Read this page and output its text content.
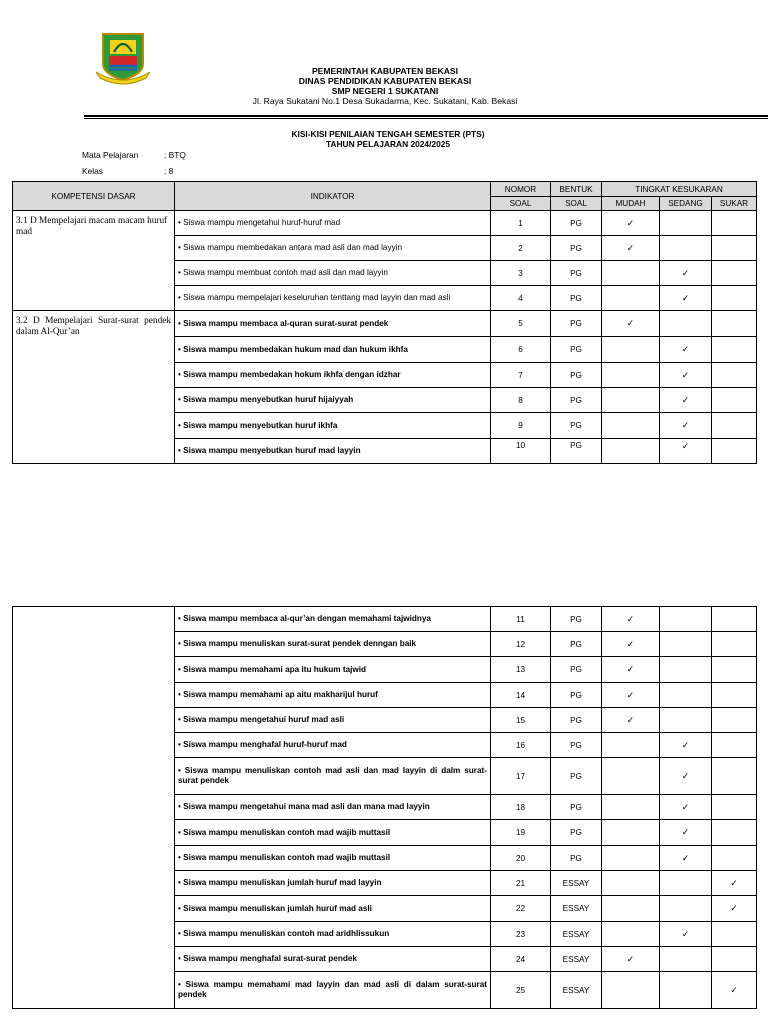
PEMERINTAH KABUPATEN BEKASI
DINAS PENDIDIKAN KABUPATEN BEKASI
SMP NEGERI 1 SUKATANI
Jl. Raya Sukatani No.1 Desa Sukadarma, Kec. Sukatani, Kab. Bekasi
KISI-KISI PENILAIAN TENGAH SEMESTER (PTS)
TAHUN PELAJARAN 2024/2025
Mata Pelajaran	: BTQ
Kelas	: 8
KOMPETENSI DASAR	INDIKATOR	NOMOR	BENTUK	TINGKAT KESUKARAN		
		SOAL	SOAL	MUDAH	SEDANG	SUKAR
3.1 D Mempelajari macam macam huruf mad	• Siswa mampu mengetahui huruf-huruf mad	1	PG	✓		
	• Siswa mampu membedakan antara mad asli dan mad layyin	2	PG	✓		
	• Siswa mampu membuat contoh mad asli dan mad layyin	3	PG		✓	
	• Siswa mampu mempelajari keseluruhan tenttang mad layyin dan mad asli	4	PG		✓	
3.2 D Mempelajari Surat-surat pendek dalam Al-Qur’an	• Siswa mampu membaca al-quran surat-surat pendek	5	PG	✓		
	• Siswa mampu membedakan hukum mad dan hukum ikhfa	6	PG		✓	
	• Siswa mampu membedakan hokum ikhfa dengan idzhar	7	PG		✓	
	• Siswa mampu menyebutkan huruf hijaiyyah	8	PG		✓	
	• Siswa mampu menyebutkan huruf ikhfa	9	PG		✓	
	• Siswa mampu menyebutkan huruf mad layyin	10	PG		✓	
	• Siswa mampu membaca al-qur’an dengan memahami tajwidnya	11	PG	✓		
	• Siswa mampu menuliskan surat-surat pendek denngan baik	12	PG	✓		
	• Siswa mampu memahami apa itu hukum tajwid	13	PG	✓		
	• Siswa mampu memahami ap aitu makharijul huruf	14	PG	✓		
	• Siswa mampu mengetahui huruf mad asli	15	PG	✓		
	• Siswa mampu menghafal huruf-huruf mad	16	PG		✓	
	• Siswa mampu menuliskan contoh mad asli dan mad layyin di dalm surat-surat pendek	17	PG		✓	
	• Siswa mampu mengetahui mana mad asli dan mana mad layyin	18	PG		✓	
	• Siswa mampu menuliskan contoh mad wajib muttasil	19	PG		✓	
	• Siswa mampu menuliskan contoh mad wajib muttasil	20	PG		✓	
	• Siswa mampu menuliskan jumlah huruf mad layyin	21	ESSAY			✓
	• Siswa mampu menuliskan jumlah huruf mad asli	22	ESSAY			✓
	• Siswa mampu menuliskan contoh mad aridhlissukun	23	ESSAY		✓	
	• Siswa mampu menghafal surat-surat pendek	24	ESSAY	✓		
	• Siswa mampu memahami mad layyin dan mad asli di dalam surat-surat pendek	25	ESSAY			✓
